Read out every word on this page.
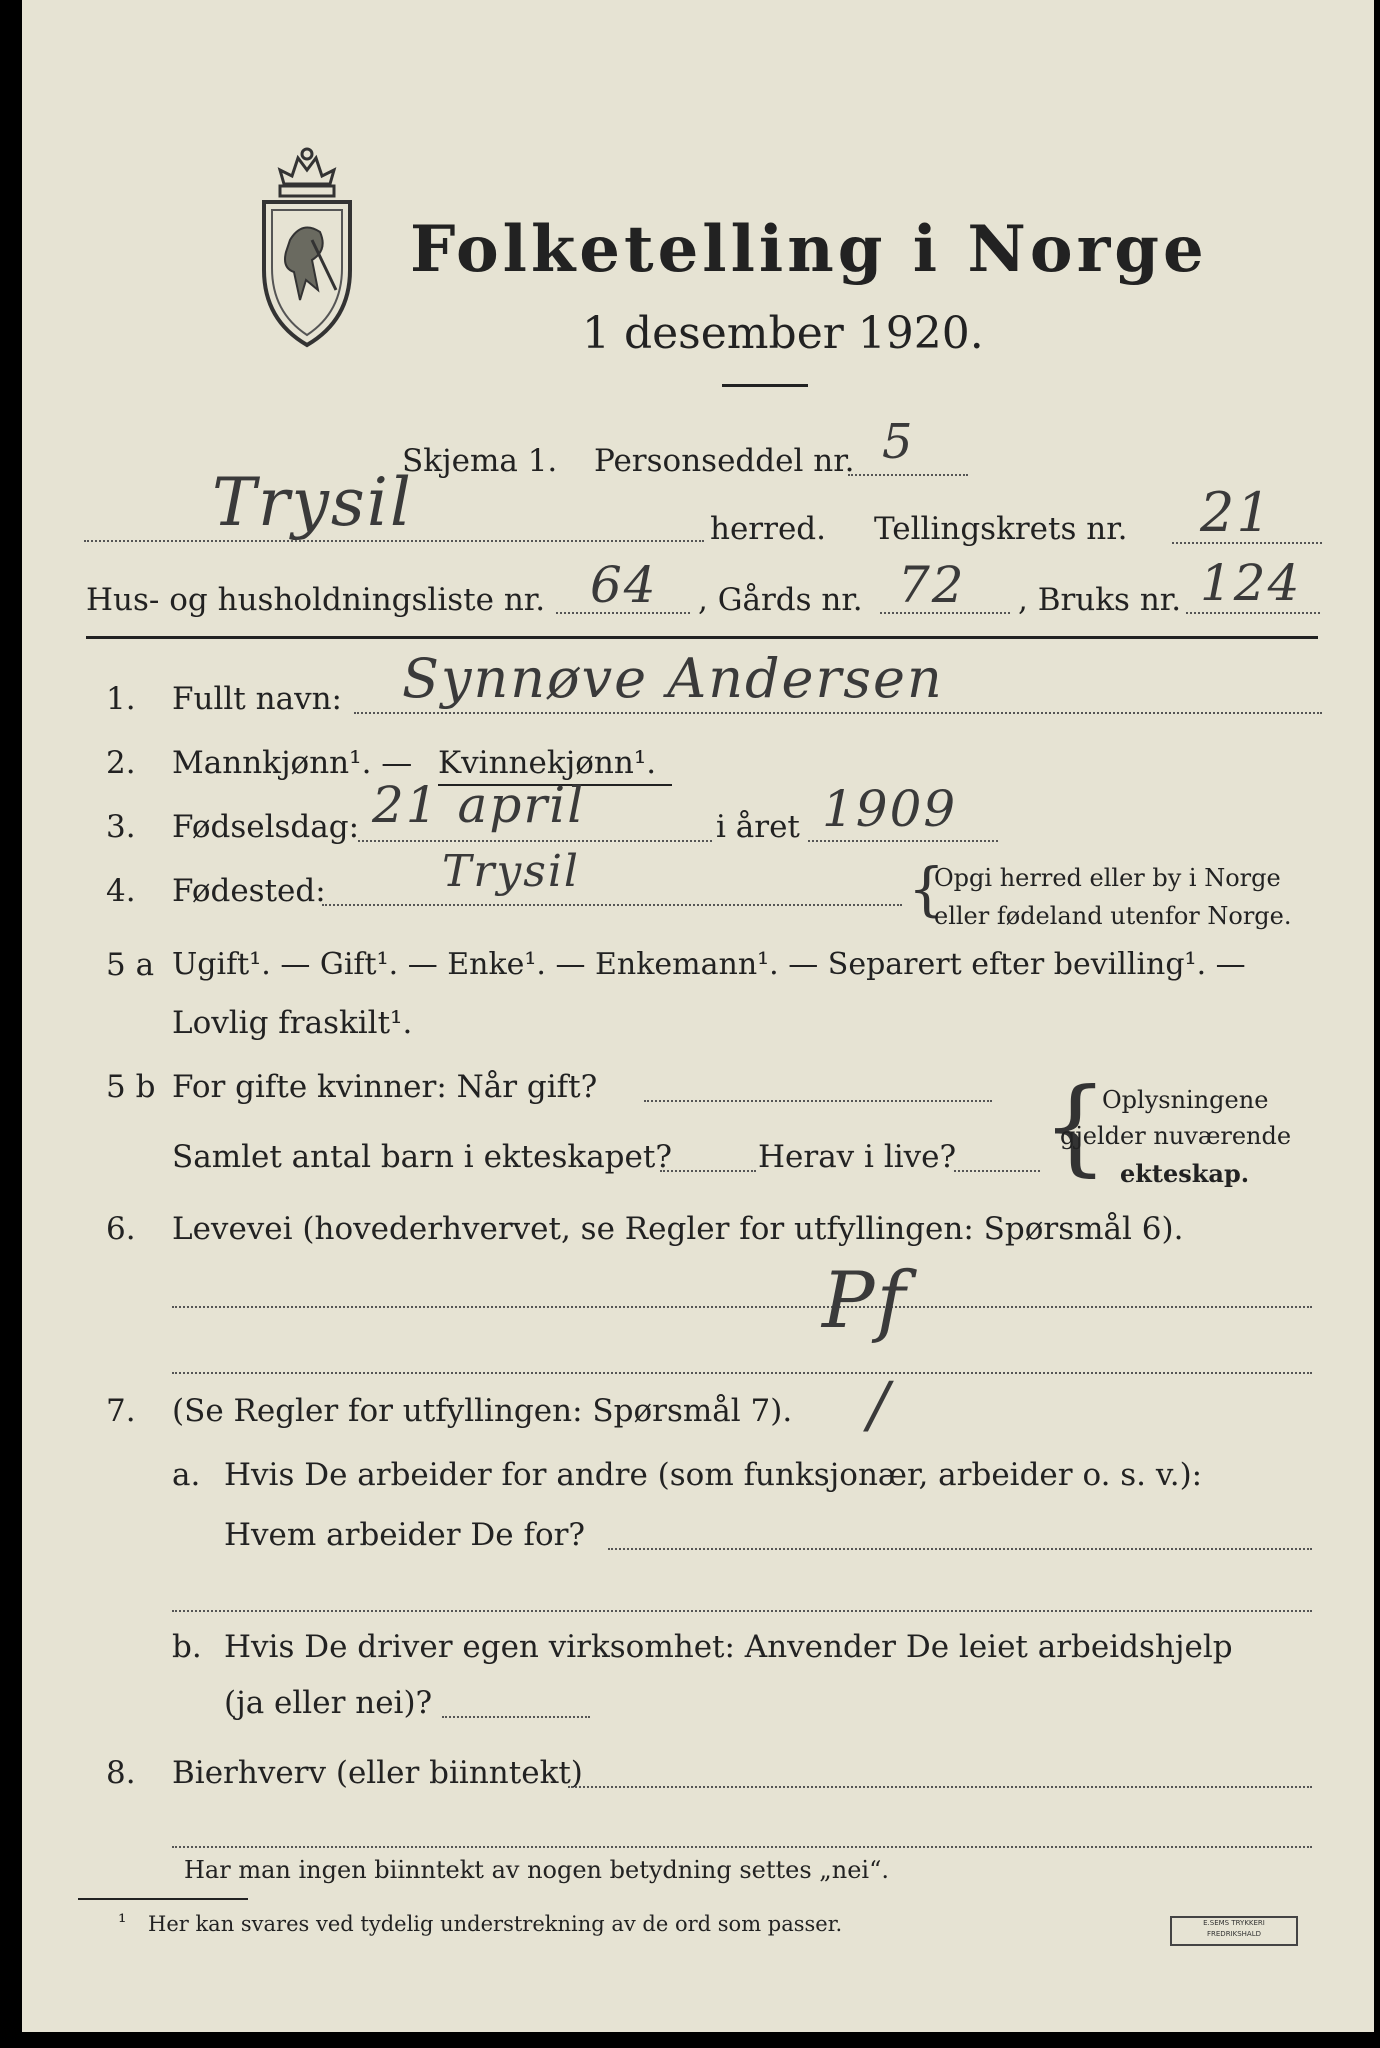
Folketelling i Norge
1 desember 1920.
Skjema 1. Personseddel nr. 5
Trysil	herred. Tellingskrets nr. 21
Hus- og husholdningsliste nr. 64 , Gårds nr. 72 , Bruks nr. 124
1. Fullt navn: Synnøve Andersen
2. Mannkjønn¹. — Kvinnekjønn¹.
3. Fødselsdag: 21 april	i året 1909
4. Fødested:	Trysil	{
Opgi herred eller by i Norge
eller fødeland utenfor Norge.
5 a Ugift¹. — Gift¹. — Enke¹. — Enkemann¹. — Separert efter bevilling¹. —
Lovlig fraskilt¹.
5 b For gifte kvinner: Når gift?
Samlet antal barn i ekteskapet?	Herav i live? {
Oplysningene
gjelder nuværende
ekteskap.
6. Levevei (hovederhvervet, se Regler for utfyllingen: Spørsmål 6).
Pf
7. (Se Regler for utfyllingen: Spørsmål 7). /
a. Hvis De arbeider for andre (som funksjonær, arbeider o. s. v.):
Hvem arbeider De for?
b. Hvis De driver egen virksomhet: Anvender De leiet arbeidshjelp
(ja eller nei)?
8. Bierhverv (eller biinntekt)
Har man ingen biinntekt av nogen betydning settes „nei“.
¹ Her kan svares ved tydelig understrekning av de ord som passer.	E.SEMS TRYKKERI
FREDRIKSHALD
